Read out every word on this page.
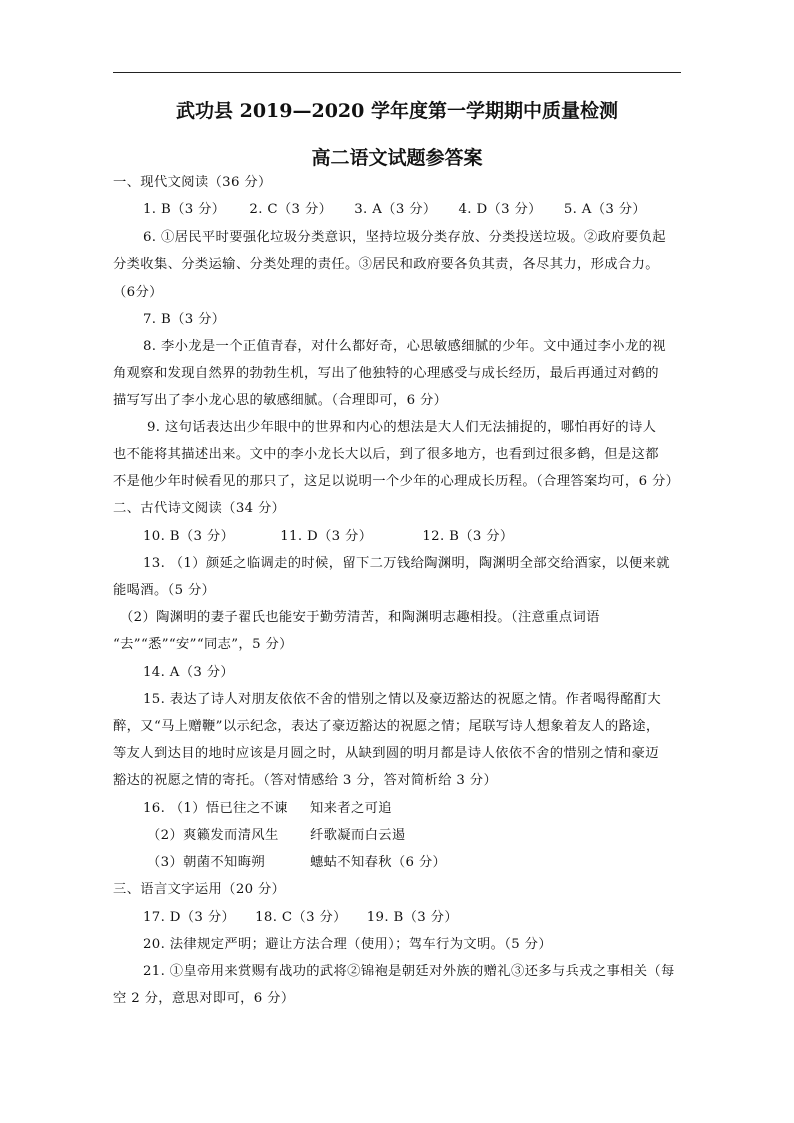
武功县 2019—2020 学年度第一学期期中质量检测
高二语文试题参答案
一、现代文阅读（36 分）
1. B（3 分） 2. C（3 分） 3. A（3 分） 4. D（3 分） 5. A（3 分）
6. ①居民平时要强化垃圾分类意识，坚持垃圾分类存放、分类投送垃圾。②政府要负起
分类收集、分类运输、分类处理的责任。③居民和政府要各负其责，各尽其力，形成合力。
（6分）
7. B（3 分）
8. 李小龙是一个正值青春，对什么都好奇，心思敏感细腻的少年。文中通过李小龙的视
角观察和发现自然界的勃勃生机，写出了他独特的心理感受与成长经历，最后再通过对鹤的
描写写出了李小龙心思的敏感细腻。（合理即可，6 分）
9. 这句话表达出少年眼中的世界和内心的想法是大人们无法捕捉的，哪怕再好的诗人
也不能将其描述出来。文中的李小龙长大以后，到了很多地方，也看到过很多鹤，但是这都
不是他少年时候看见的那只了，这足以说明一个少年的心理成长历程。（合理答案均可，6 分）
二、古代诗文阅读（34 分）
10. B（3 分）	11. D（3 分）	12. B（3 分）
13. （1）颜延之临调走的时候，留下二万钱给陶渊明，陶渊明全部交给酒家，以便来就
能喝酒。（5 分）
（2）陶渊明的妻子翟氏也能安于勤劳清苦，和陶渊明志趣相投。（注意重点词语
“去”“悉”“安”“同志”，5 分）
14. A（3 分）
15. 表达了诗人对朋友依依不舍的惜别之情以及豪迈豁达的祝愿之情。作者喝得酩酊大
醉，又“马上赠鞭”以示纪念，表达了豪迈豁达的祝愿之情；尾联写诗人想象着友人的路途，
等友人到达目的地时应该是月圆之时，从缺到圆的明月都是诗人依依不舍的惜别之情和豪迈
豁达的祝愿之情的寄托。（答对情感给 3 分，答对简析给 3 分）
16. （1）悟已往之不谏 知来者之可追
（2）爽籁发而清风生 纤歌凝而白云遏
（3）朝菌不知晦朔	蟪蛄不知春秋（6 分）
三、语言文字运用（20 分）
17. D（3 分） 18. C（3 分） 19. B（3 分）
20. 法律规定严明；避让方法合理（使用）；驾车行为文明。（5 分）
21. ①皇帝用来赏赐有战功的武将②锦袍是朝廷对外族的赠礼③还多与兵戎之事相关（每
空 2 分，意思对即可，6 分）
